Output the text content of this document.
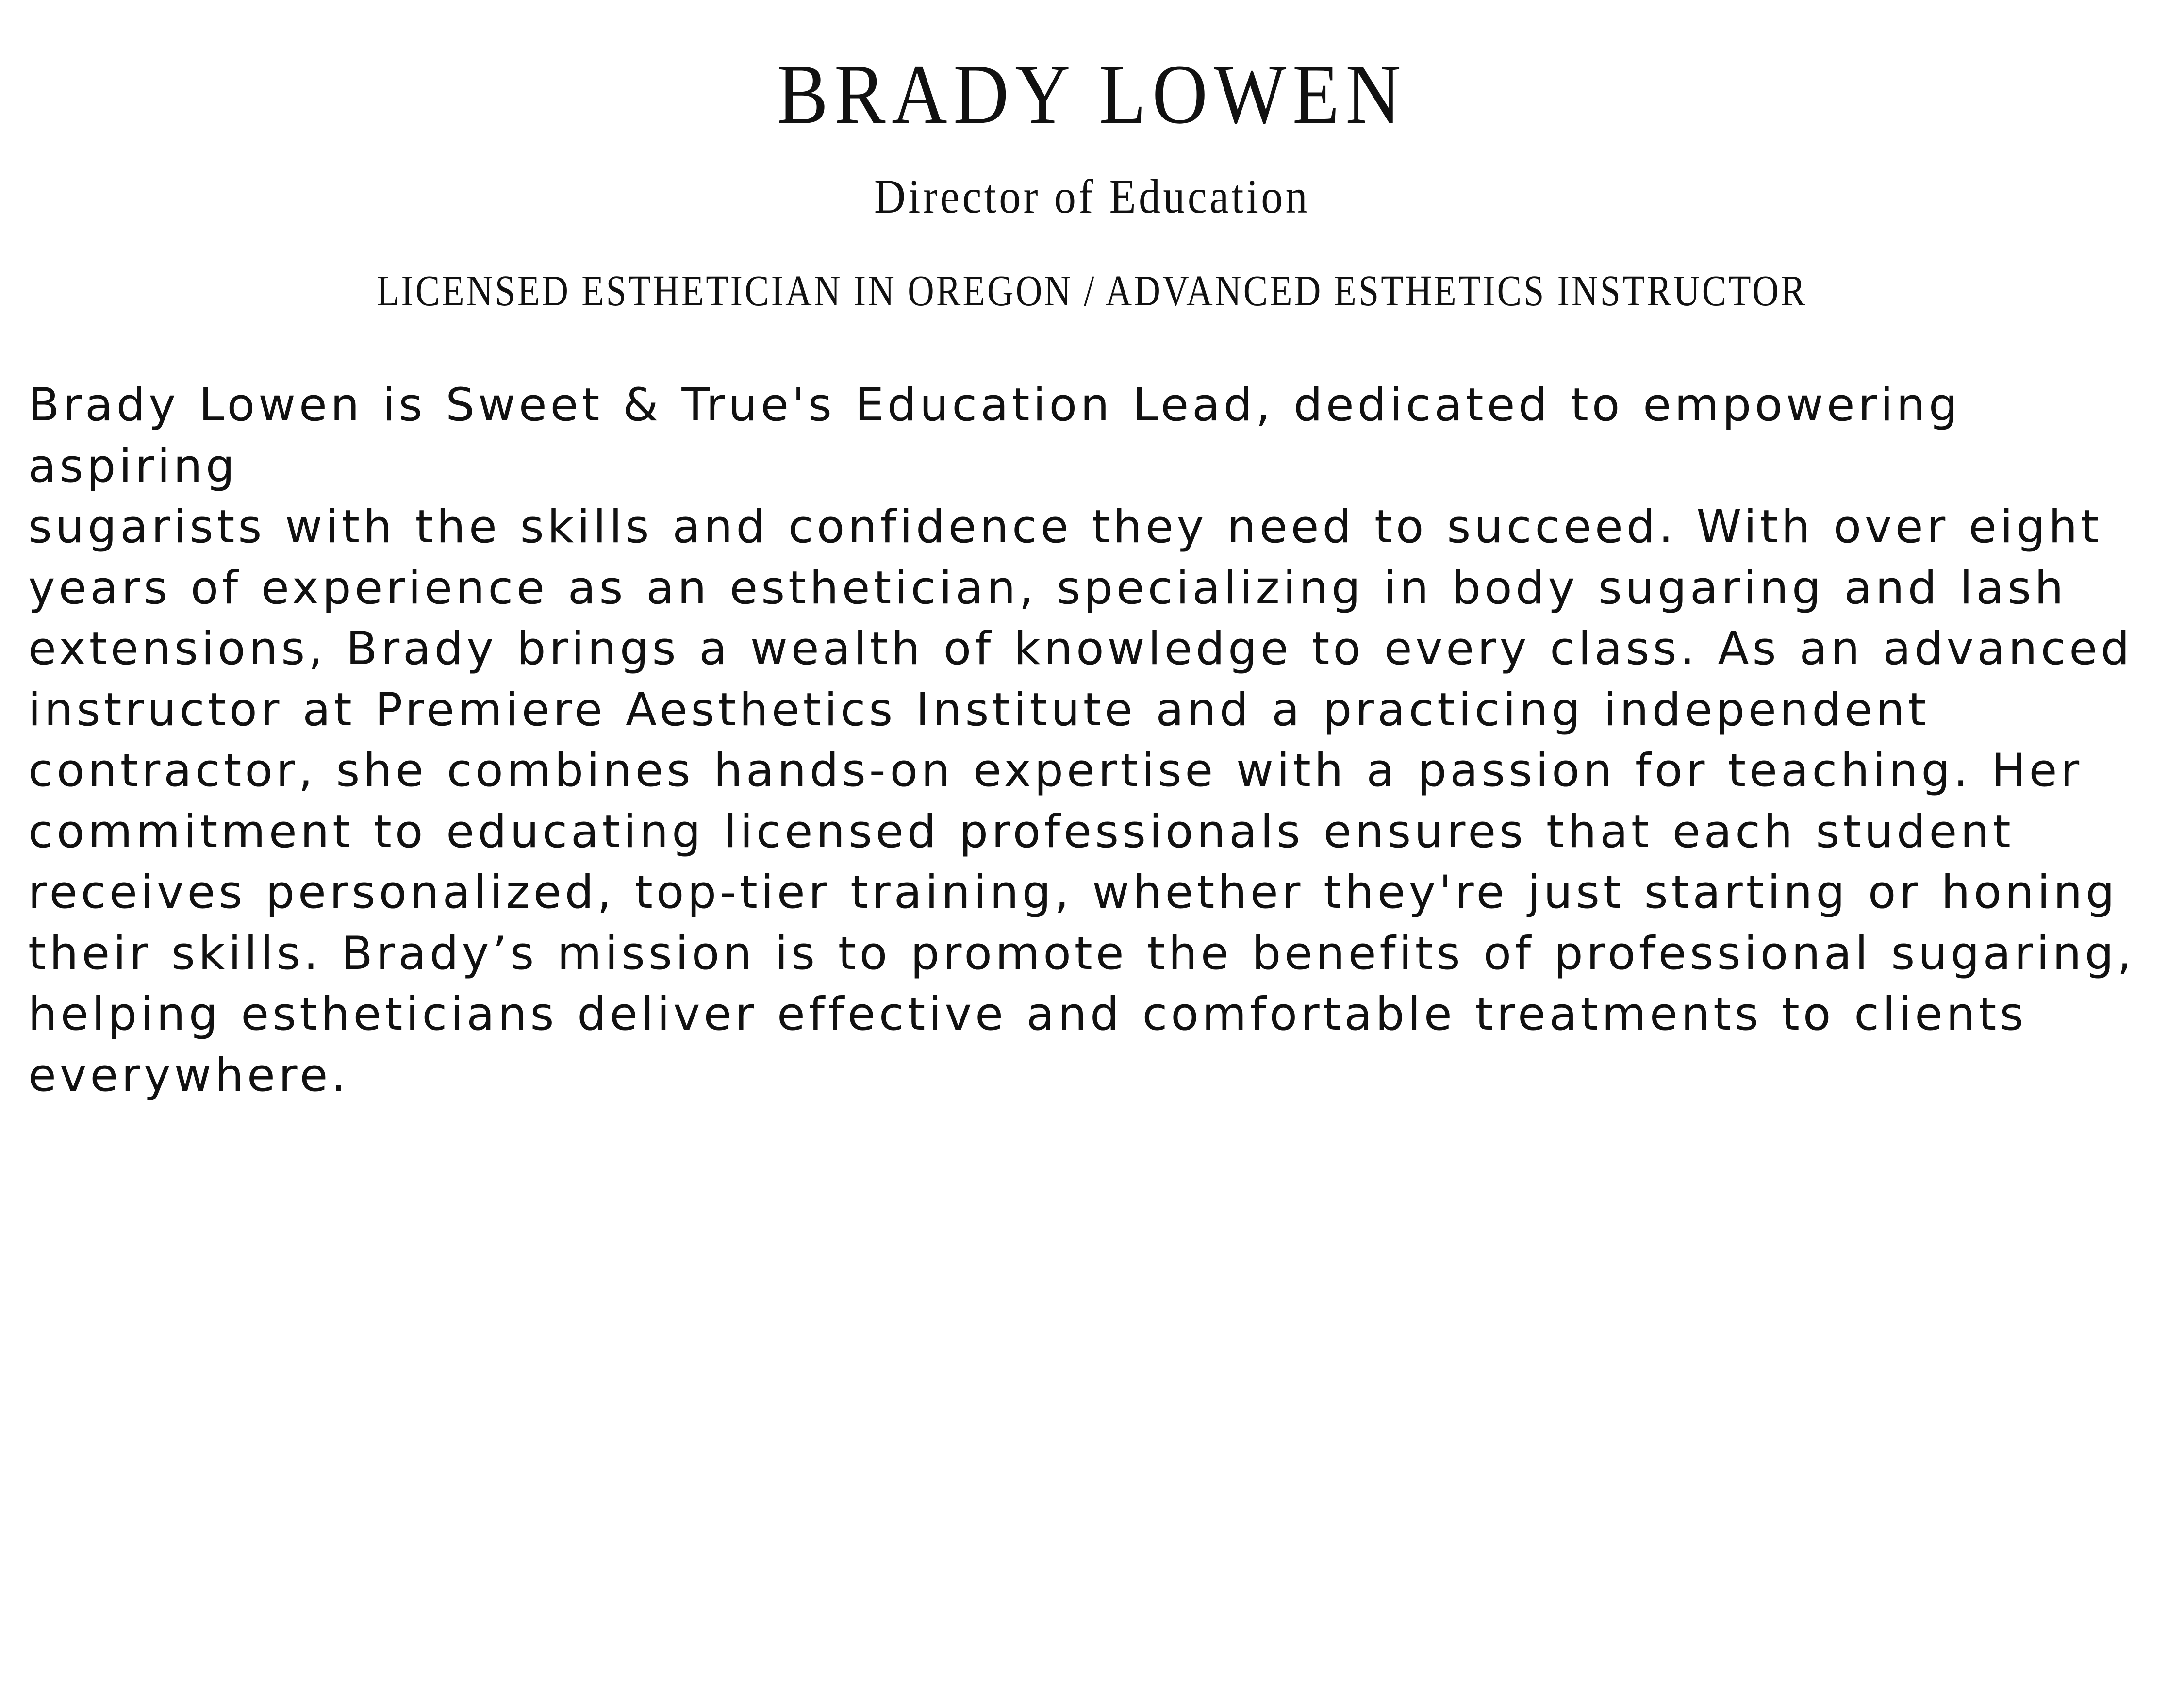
BRADY LOWEN
Director of Education
LICENSED ESTHETICIAN IN OREGON / ADVANCED ESTHETICS INSTRUCTOR

Brady Lowen is Sweet & True's Education Lead, dedicated to empowering aspiring
sugarists with the skills and confidence they need to succeed. With over eight
years of experience as an esthetician, specializing in body sugaring and lash
extensions, Brady brings a wealth of knowledge to every class. As an advanced
instructor at Premiere Aesthetics Institute and a practicing independent
contractor, she combines hands-on expertise with a passion for teaching. Her
commitment to educating licensed professionals ensures that each student
receives personalized, top-tier training, whether they're just starting or honing
their skills. Brady’s mission is to promote the benefits of professional sugaring,
helping estheticians deliver effective and comfortable treatments to clients
everywhere.
